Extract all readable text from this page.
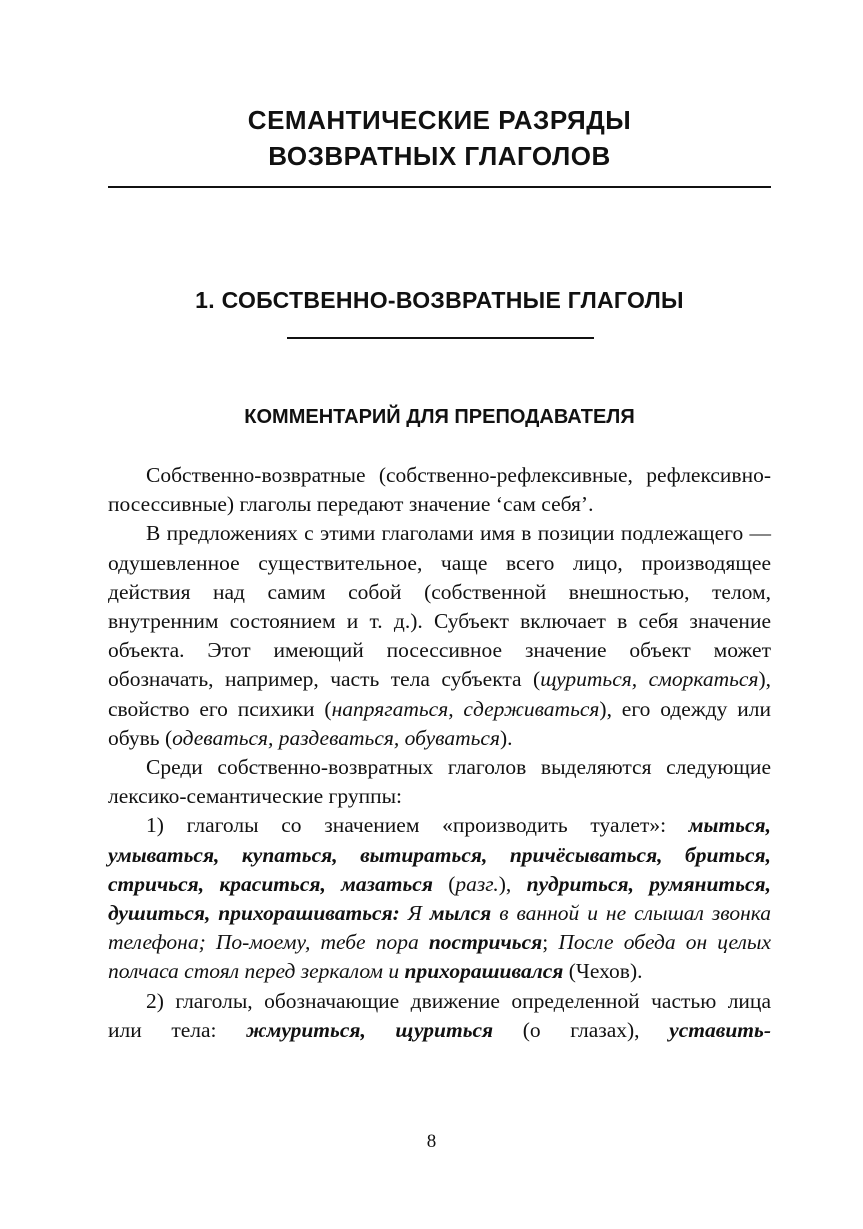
СЕМАНТИЧЕСКИЕ РАЗРЯДЫ
ВОЗВРАТНЫХ ГЛАГОЛОВ
1. СОБСТВЕННО-ВОЗВРАТНЫЕ ГЛАГОЛЫ
КОММЕНТАРИЙ ДЛЯ ПРЕПОДАВАТЕЛЯ

Собственно-возвратные (собственно-рефлексивные, рефлексивно-посессивные) глаголы передают значение ‘сам себя’.

В предложениях с этими глаголами имя в позиции подлежащего — одушевленное существительное, чаще всего лицо, производящее действия над самим собой (собственной внешностью, телом, внутренним состоянием и т. д.). Субъект включает в себя значение объекта. Этот имеющий посессивное значение объект может обозначать, например, часть тела субъекта (щуриться, сморкаться), свойство его психики (напрягаться, сдерживаться), его одежду или обувь (одеваться, раздеваться, обуваться).

Среди собственно-возвратных глаголов выделяются следующие лексико-семантические группы:

1) глаголы со значением «производить туалет»: мыться, умываться, купаться, вытираться, причёсываться, бриться, стричься, краситься, мазаться (разг.), пудриться, румяниться, душиться, прихорашиваться: Я мылся в ванной и не слышал звонка телефона; По-моему, тебе пора постричься; После обеда он целых полчаса стоял перед зеркалом и прихорашивался (Чехов).

2) глаголы, обозначающие движение определенной частью лица или тела: жмуриться, щуриться (о глазах), уставить-

8
